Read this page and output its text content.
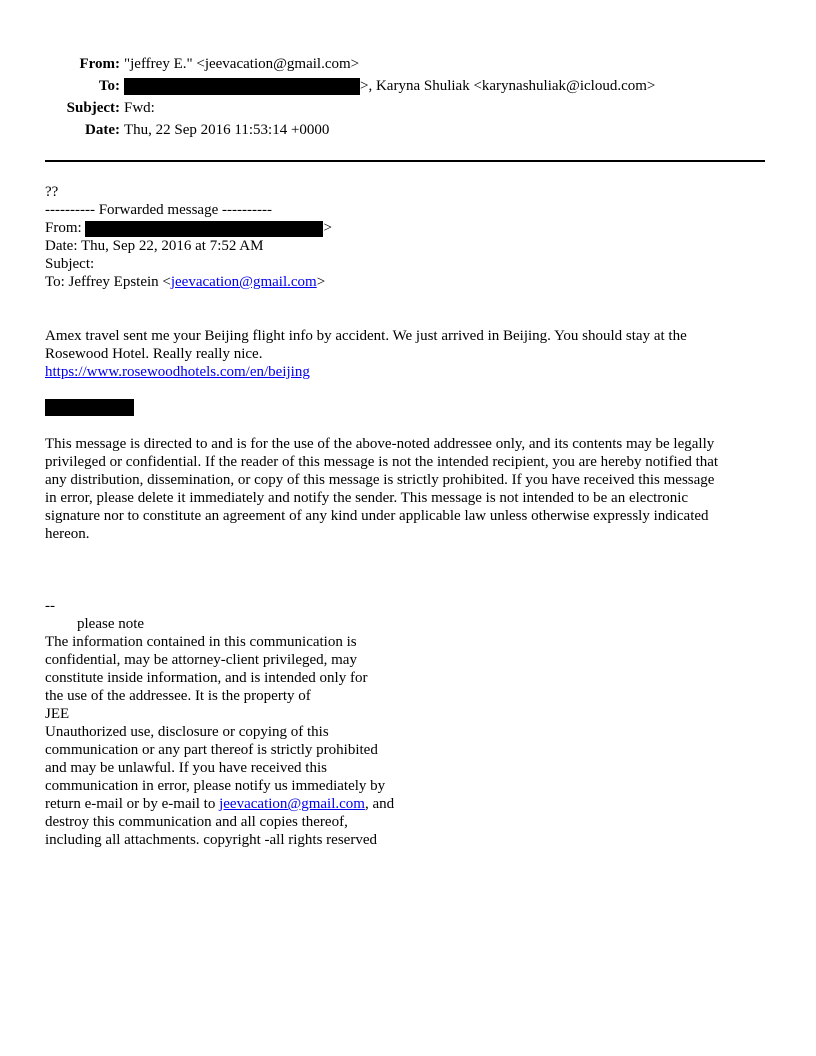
From: "jeffrey E." <jeevacation@gmail.com>
To:	>, Karyna Shuliak <karynashuliak@icloud.com>
Subject: Fwd:
Date: Thu, 22 Sep 2016 11:53:14 +0000
??
---------- Forwarded message ----------
From:	>
Date: Thu, Sep 22, 2016 at 7:52 AM
Subject:
To: Jeffrey Epstein <jeevacation@gmail.com>
Amex travel sent me your Beijing flight info by accident. We just arrived in Beijing. You should stay at the
Rosewood Hotel. Really really nice.
https://www.rosewoodhotels.com/en/beijing
This message is directed to and is for the use of the above-noted addressee only, and its contents may be legally
privileged or confidential. If the reader of this message is not the intended recipient, you are hereby notified that
any distribution, dissemination, or copy of this message is strictly prohibited. If you have received this message
in error, please delete it immediately and notify the sender. This message is not intended to be an electronic
signature nor to constitute an agreement of any kind under applicable law unless otherwise expressly indicated
hereon.
--
please note
The information contained in this communication is
confidential, may be attorney-client privileged, may
constitute inside information, and is intended only for
the use of the addressee. It is the property of
JEE
Unauthorized use, disclosure or copying of this
communication or any part thereof is strictly prohibited
and may be unlawful. If you have received this
communication in error, please notify us immediately by
return e-mail or by e-mail to jeevacation@gmail.com, and
destroy this communication and all copies thereof,
including all attachments. copyright -all rights reserved
